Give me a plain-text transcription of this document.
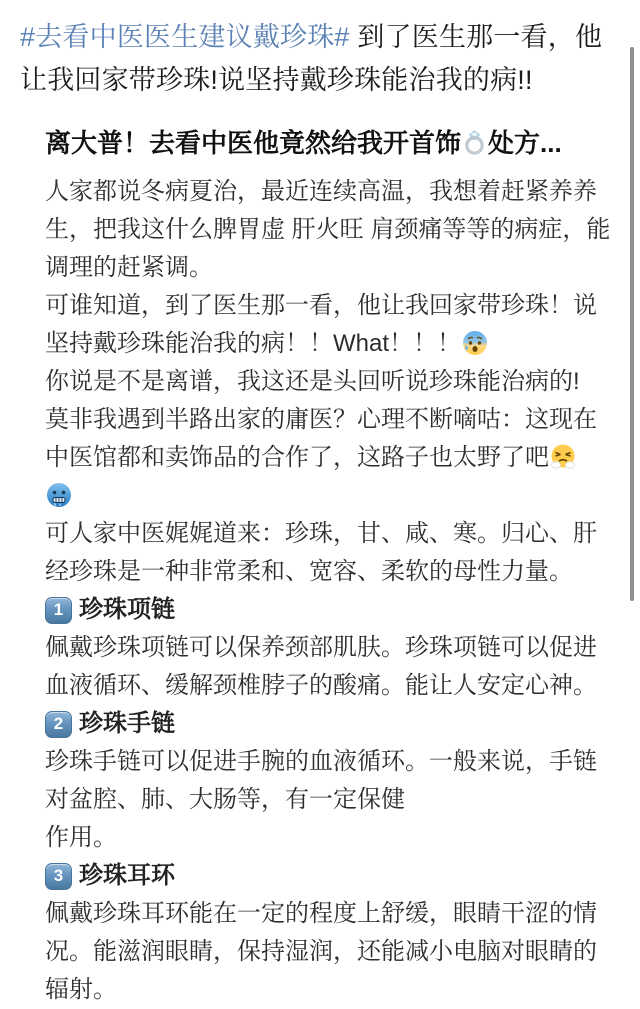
#去看中医医生建议戴珍珠# 到了医生那一看，他让我回家带珍珠!说坚持戴珍珠能治我的病!!
离大普！去看中医他竟然给我开首饰 处方...

人家都说冬病夏治，最近连续高温，我想着赶紧养养生，把我这什么脾胃虚 肝火旺 肩颈痛等等的病症，能调理的赶紧调。

可谁知道，到了医生那一看，他让我回家带珍珠！说坚持戴珍珠能治我的病！！What！！！

你说是不是离谱，我这还是头回听说珍珠能治病的!

莫非我遇到半路出家的庸医？心理不断嘀咕：这现在中医馆都和卖饰品的合作了，这路子也太野了吧

可人家中医娓娓道来：珍珠，甘、咸、寒。归心、肝经珍珠是一种非常柔和、宽容、柔软的母性力量。

1 珍珠项链

佩戴珍珠项链可以保养颈部肌肤。珍珠项链可以促进血液循环、缓解颈椎脖子的酸痛。能让人安定心神。

2 珍珠手链

珍珠手链可以促进手腕的血液循环。一般来说，手链对盆腔、肺、大肠等，有一定保健

作用。

3 珍珠耳环

佩戴珍珠耳环能在一定的程度上舒缓，眼睛干涩的情况。能滋润眼睛，保持湿润，还能减小电脑对眼睛的辐射。
